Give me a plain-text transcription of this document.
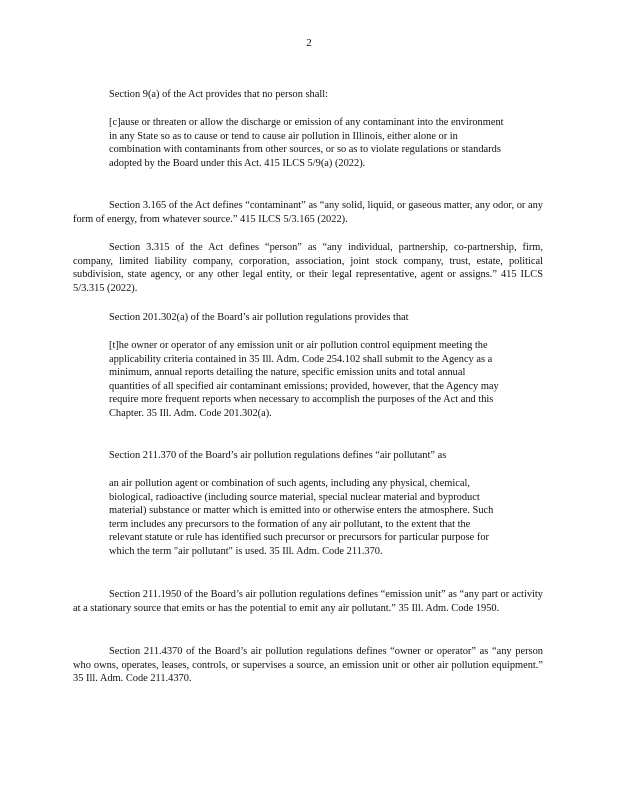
2

Section 9(a) of the Act provides that no person shall:

[c]ause or threaten or allow the discharge or emission of any contaminant into the environment in any State so as to cause or tend to cause air pollution in Illinois, either alone or in combination with contaminants from other sources, or so as to violate regulations or standards adopted by the Board under this Act. 415 ILCS 5/9(a) (2022).

Section 3.165 of the Act defines “contaminant” as “any solid, liquid, or gaseous matter, any odor, or any form of energy, from whatever source.” 415 ILCS 5/3.165 (2022).

Section 3.315 of the Act defines “person” as “any individual, partnership, co-partnership, firm, company, limited liability company, corporation, association, joint stock company, trust, estate, political subdivision, state agency, or any other legal entity, or their legal representative, agent or assigns.” 415 ILCS 5/3.315 (2022).

Section 201.302(a) of the Board’s air pollution regulations provides that

[t]he owner or operator of any emission unit or air pollution control equipment meeting the applicability criteria contained in 35 Ill. Adm. Code 254.102 shall submit to the Agency as a minimum, annual reports detailing the nature, specific emission units and total annual quantities of all specified air contaminant emissions; provided, however, that the Agency may require more frequent reports when necessary to accomplish the purposes of the Act and this Chapter. 35 Ill. Adm. Code 201.302(a).

Section 211.370 of the Board’s air pollution regulations defines “air pollutant” as

an air pollution agent or combination of such agents, including any physical, chemical, biological, radioactive (including source material, special nuclear material and byproduct material) substance or matter which is emitted into or otherwise enters the atmosphere. Such term includes any precursors to the formation of any air pollutant, to the extent that the relevant statute or rule has identified such precursor or precursors for particular purpose for which the term "air pollutant" is used. 35 Ill. Adm. Code 211.370.

Section 211.1950 of the Board’s air pollution regulations defines “emission unit” as “any part or activity at a stationary source that emits or has the potential to emit any air pollutant.” 35 Ill. Adm. Code 1950.

Section 211.4370 of the Board’s air pollution regulations defines “owner or operator” as “any person who owns, operates, leases, controls, or supervises a source, an emission unit or other air pollution equipment.” 35 Ill. Adm. Code 211.4370.
